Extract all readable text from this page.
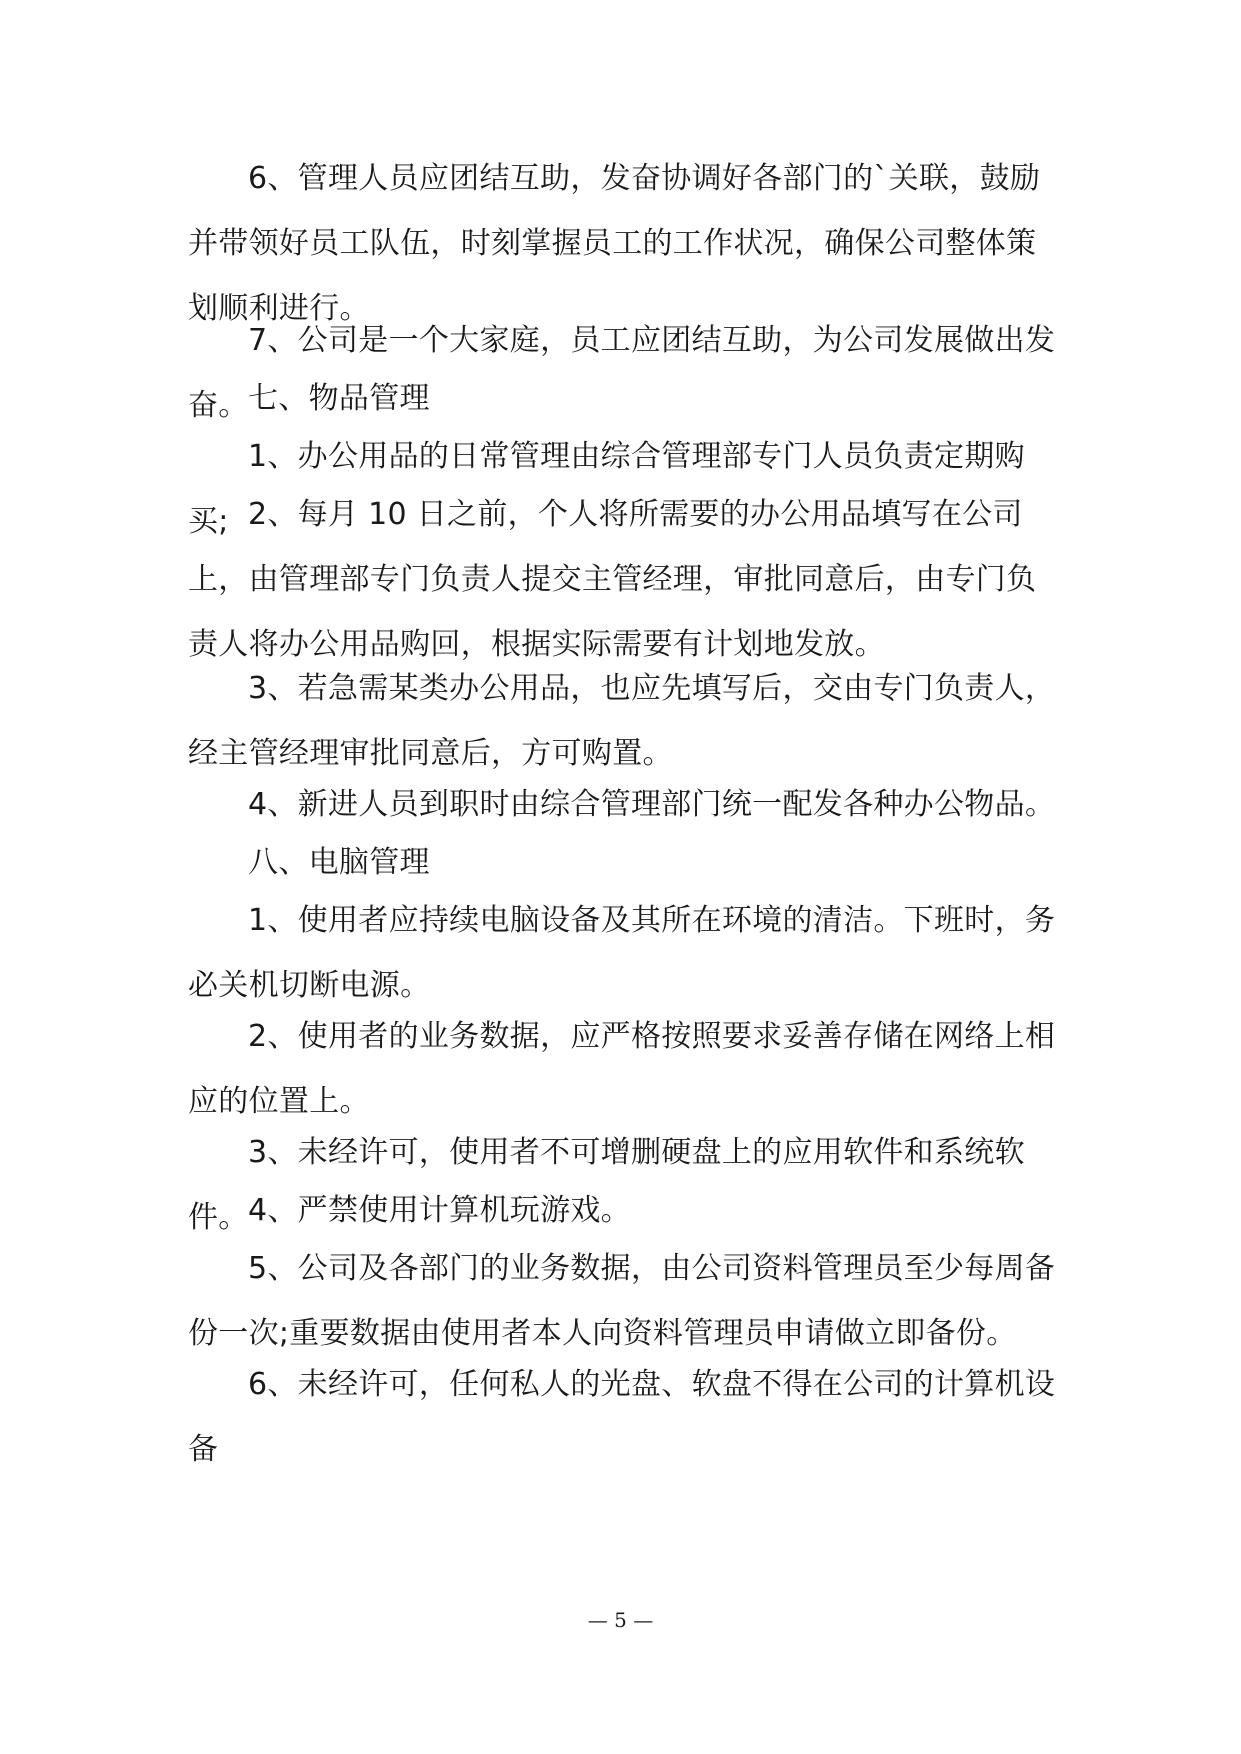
6、管理人员应团结互助，发奋协调好各部门的`关联，鼓励并带领好员工队伍，时刻掌握员工的工作状况，确保公司整体策划顺利进行。

7、公司是一个大家庭，员工应团结互助，为公司发展做出发奋。 七、物品管理

1、办公用品的日常管理由综合管理部专门人员负责定期购买; 2、每月 10 日之前，个人将所需要的办公用品填写在公司上，由管理部专门负责人提交主管经理，审批同意后，由专门负责人将办公用品购回，根据实际需要有计划地发放。

3、若急需某类办公用品，也应先填写后，交由专门负责人，经主管经理审批同意后，方可购置。

4、新进人员到职时由综合管理部门统一配发各种办公物品。

八、电脑管理

1、使用者应持续电脑设备及其所在环境的清洁。下班时，务必关机切断电源。

2、使用者的业务数据，应严格按照要求妥善存储在网络上相应的位置上。

3、未经许可，使用者不可增删硬盘上的应用软件和系统软件。 4、严禁使用计算机玩游戏。

5、公司及各部门的业务数据，由公司资料管理员至少每周备份一次;重要数据由使用者本人向资料管理员申请做立即备份。

6、未经许可，任何私人的光盘、软盘不得在公司的计算机设备

— 5 —
